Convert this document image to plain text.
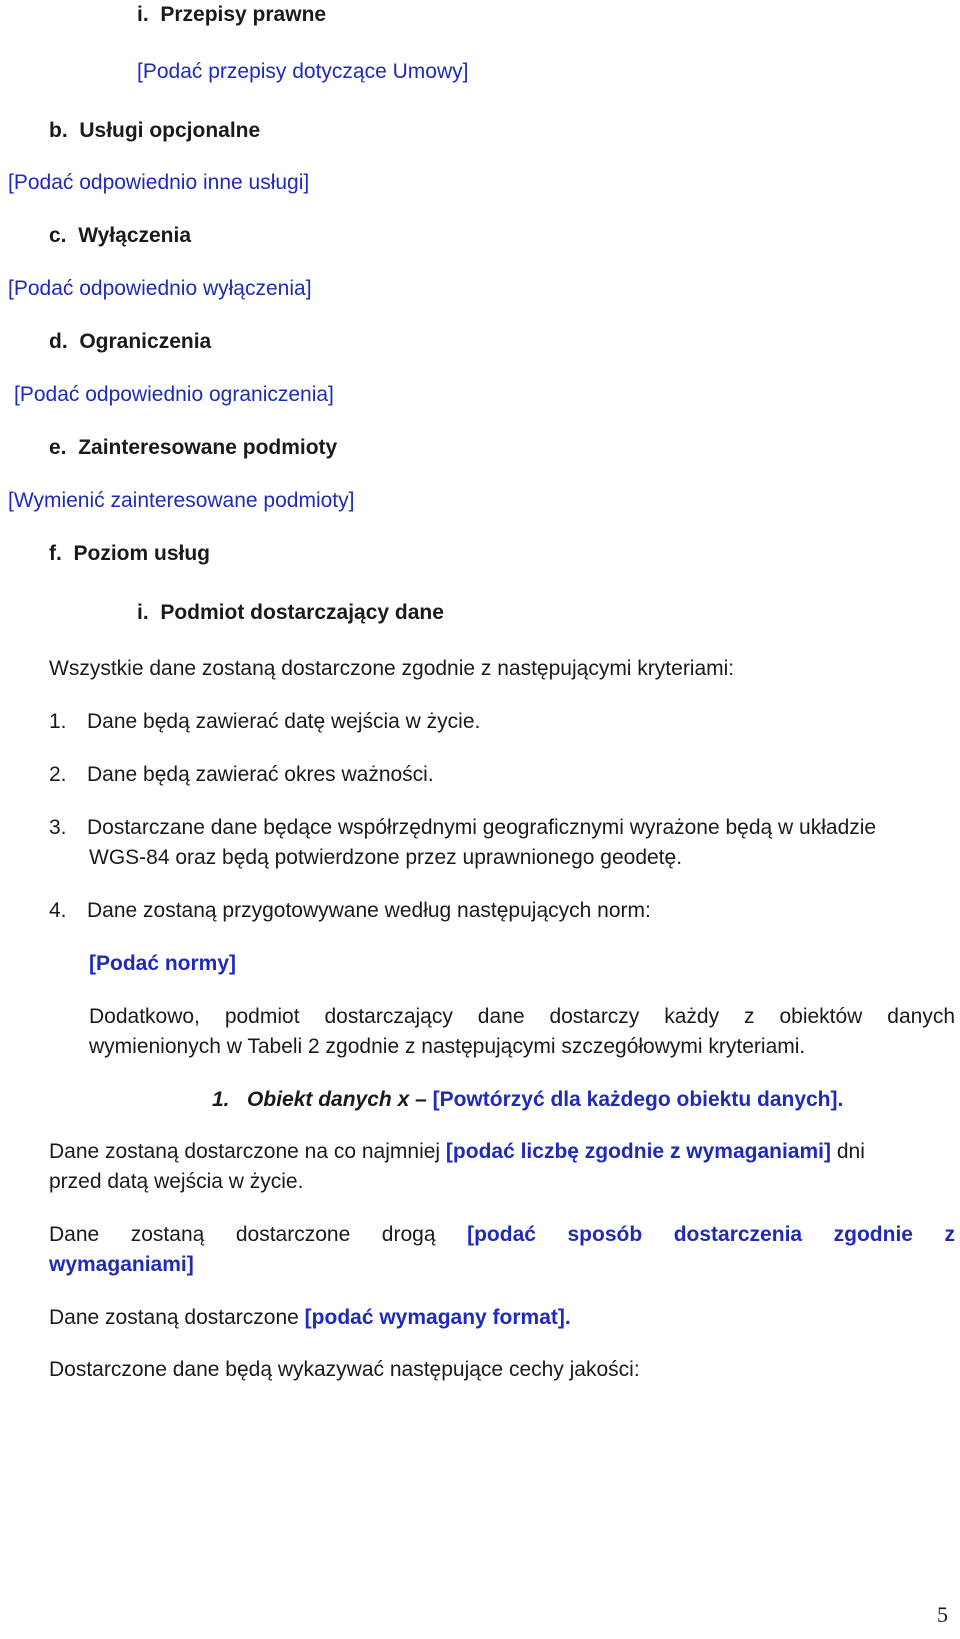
i. Przepisy prawne
[Podać przepisy dotyczące Umowy]
b. Usługi opcjonalne
[Podać odpowiednio inne usługi]
c. Wyłączenia
[Podać odpowiednio wyłączenia]
d. Ograniczenia
[Podać odpowiednio ograniczenia]
e. Zainteresowane podmioty
[Wymienić zainteresowane podmioty]
f. Poziom usług
i. Podmiot dostarczający dane
Wszystkie dane zostaną dostarczone zgodnie z następującymi kryteriami:
1. Dane będą zawierać datę wejścia w życie.
2. Dane będą zawierać okres ważności.
3. Dostarczane dane będące współrzędnymi geograficznymi wyrażone będą w układzie
WGS-84 oraz będą potwierdzone przez uprawnionego geodetę.
4. Dane zostaną przygotowywane według następujących norm:
[Podać normy]
Dodatkowo, podmiot dostarczający dane dostarczy każdy z obiektów danych
wymienionych w Tabeli 2 zgodnie z następującymi szczegółowymi kryteriami.
1. Obiekt danych x – [Powtórzyć dla każdego obiektu danych].
Dane zostaną dostarczone na co najmniej [podać liczbę zgodnie z wymaganiami] dni
przed datą wejścia w życie.
Dane zostaną dostarczone drogą [podać sposób dostarczenia zgodnie z
wymaganiami]
Dane zostaną dostarczone [podać wymagany format].
Dostarczone dane będą wykazywać następujące cechy jakości:
5
